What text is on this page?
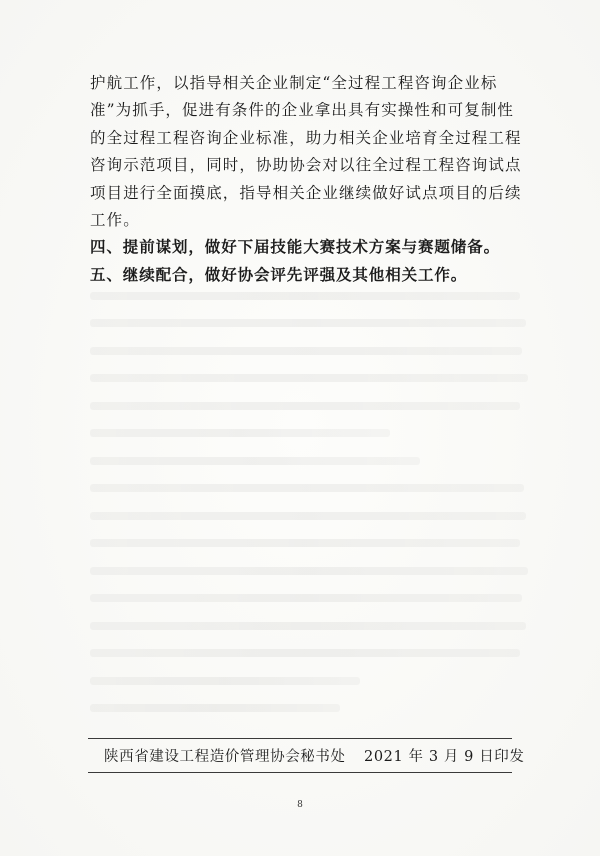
护航工作，以指导相关企业制定“全过程工程咨询企业标准”为抓手，促进有条件的企业拿出具有实操性和可复制性的全过程工程咨询企业标准，助力相关企业培育全过程工程咨询示范项目，同时，协助协会对以往全过程工程咨询试点项目进行全面摸底，指导相关企业继续做好试点项目的后续工作。

四、提前谋划，做好下届技能大赛技术方案与赛题储备。

五、继续配合，做好协会评先评强及其他相关工作。

陕西省建设工程造价管理协会秘书处 2021 年 3 月 9 日印发
8
